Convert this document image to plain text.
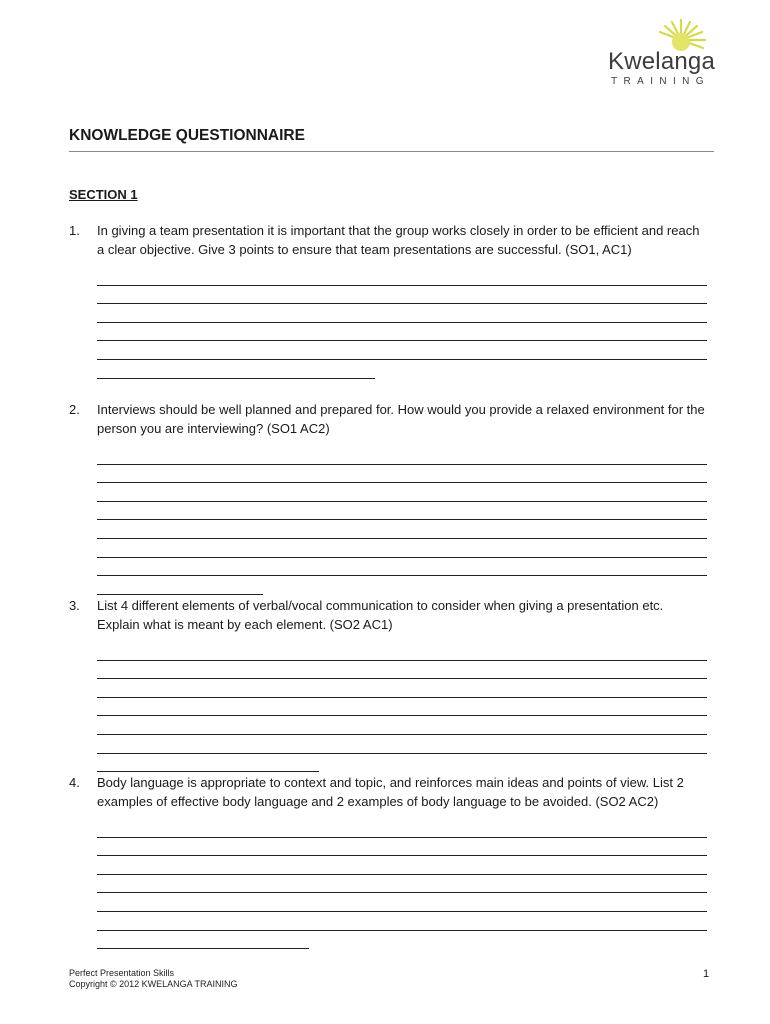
Kwelanga
TRAINING
KNOWLEDGE QUESTIONNAIRE
SECTION 1
1. In giving a team presentation it is important that the group works closely in order to be efficient and reach a clear objective. Give 3 points to ensure that team presentations are successful. (SO1, AC1)
2. Interviews should be well planned and prepared for. How would you provide a relaxed environment for the person you are interviewing? (SO1 AC2)
3. List 4 different elements of verbal/vocal communication to consider when giving a presentation etc. Explain what is meant by each element. (SO2 AC1)
4. Body language is appropriate to context and topic, and reinforces main ideas and points of view. List 2 examples of effective body language and 2 examples of body language to be avoided. (SO2 AC2)
Perfect Presentation Skills
Copyright © 2012 KWELANGA TRAINING
1
